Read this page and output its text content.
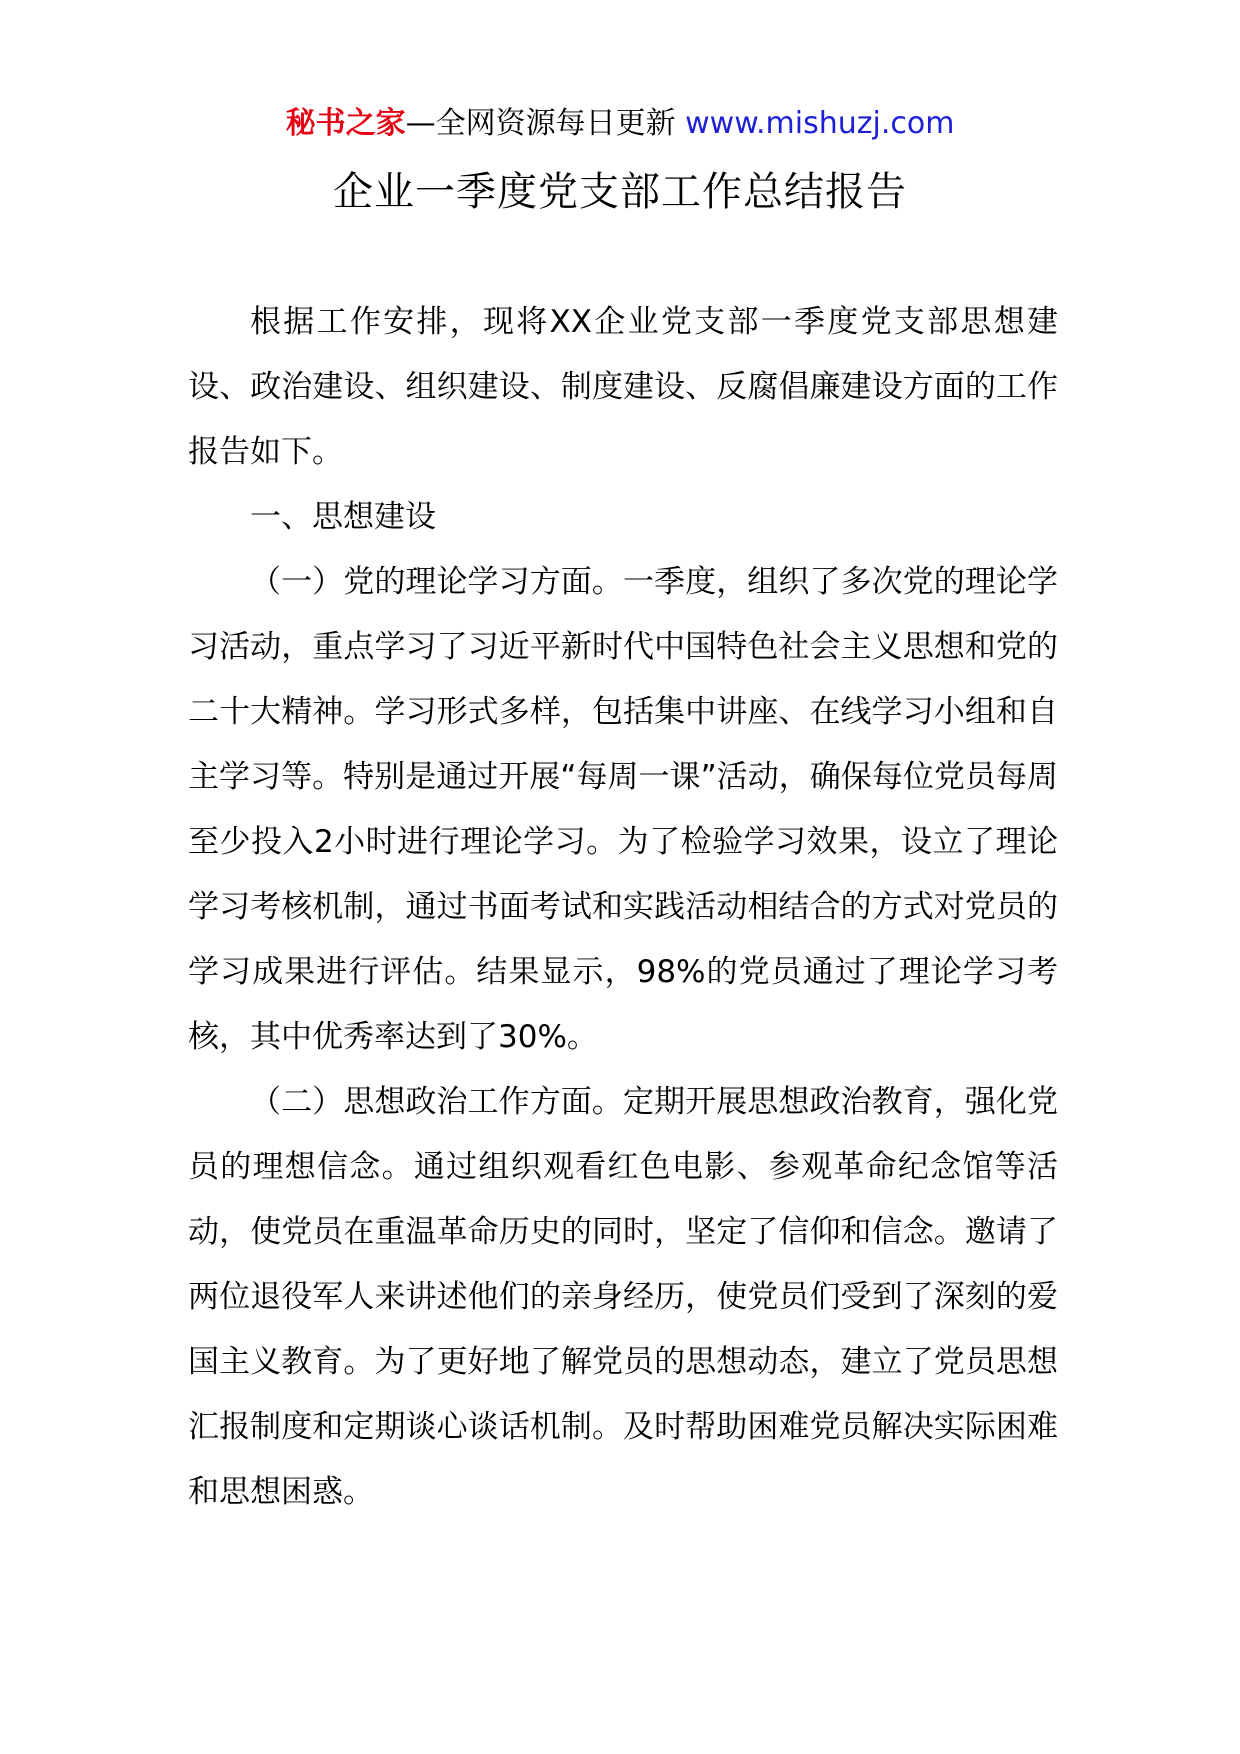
秘书之家—全网资源每日更新 www.mishuzj.com
企业一季度党支部工作总结报告

根据工作安排，现将XX企业党支部一季度党支部思想建设、政治建设、组织建设、制度建设、反腐倡廉建设方面的工作报告如下。

一、思想建设

（一）党的理论学习方面。一季度，组织了多次党的理论学习活动，重点学习了习近平新时代中国特色社会主义思想和党的二十大精神。学习形式多样，包括集中讲座、在线学习小组和自主学习等。特别是通过开展“每周一课”活动，确保每位党员每周至少投入2小时进行理论学习。为了检验学习效果，设立了理论学习考核机制，通过书面考试和实践活动相结合的方式对党员的学习成果进行评估。结果显示，98%的党员通过了理论学习考核，其中优秀率达到了30%。

（二）思想政治工作方面。定期开展思想政治教育，强化党员的理想信念。通过组织观看红色电影、参观革命纪念馆等活动，使党员在重温革命历史的同时，坚定了信仰和信念。邀请了两位退役军人来讲述他们的亲身经历，使党员们受到了深刻的爱国主义教育。为了更好地了解党员的思想动态，建立了党员思想汇报制度和定期谈心谈话机制。及时帮助困难党员解决实际困难和思想困惑。
